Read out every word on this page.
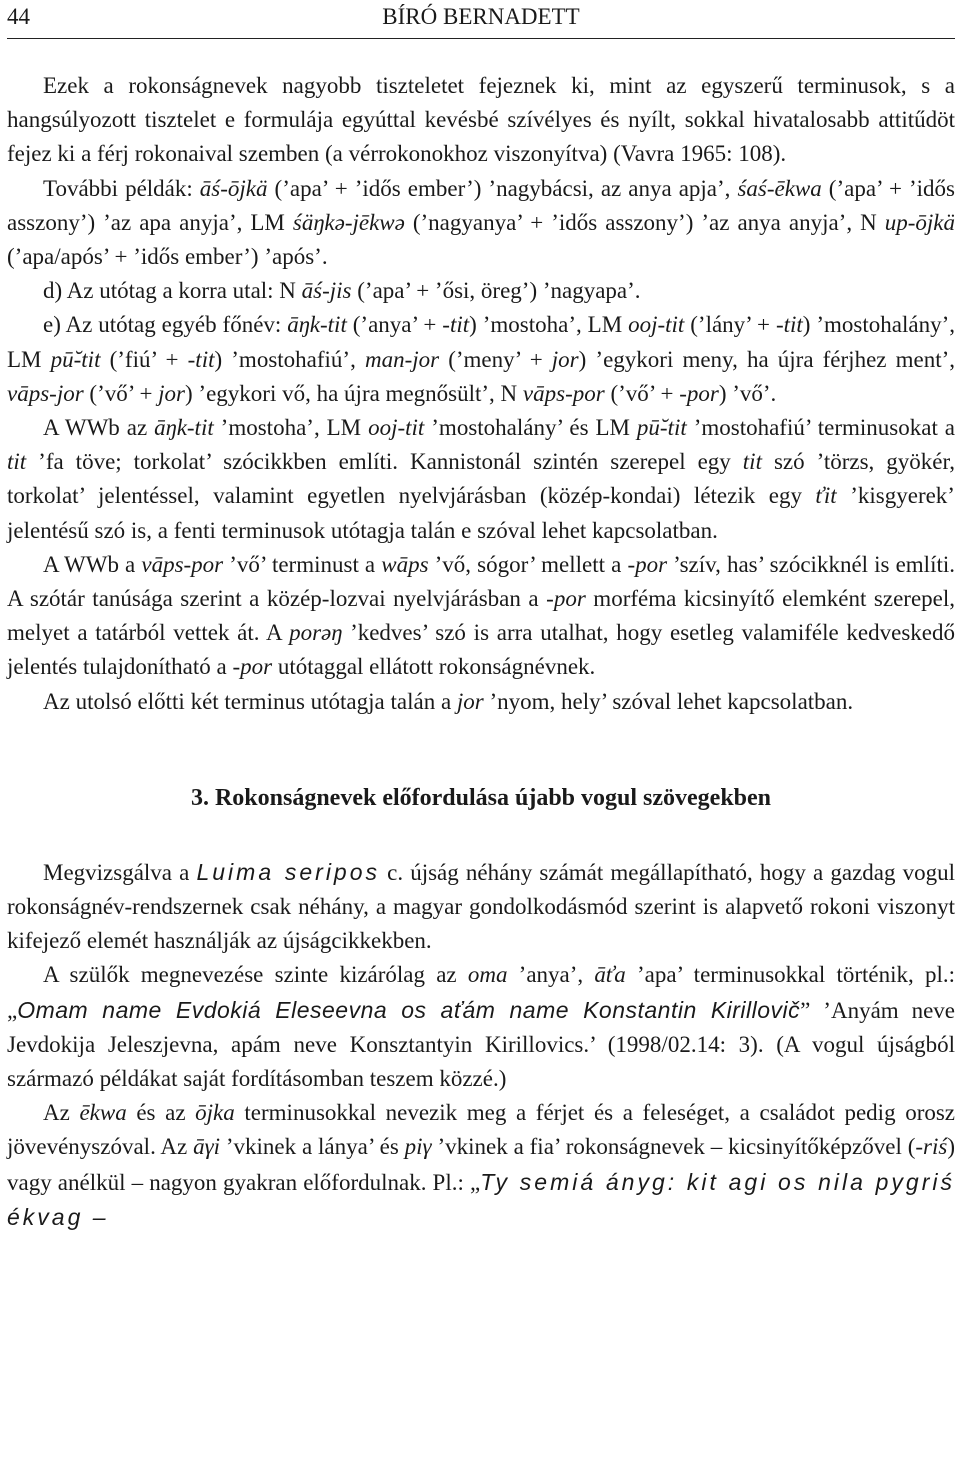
44	BÍRÓ BERNADETT

Ezek a rokonságnevek nagyobb tiszteletet fejeznek ki, mint az egyszerű terminusok, s a hangsúlyozott tisztelet e formulája egyúttal kevésbé szívélyes és nyílt, sokkal hivatalosabb attitűdöt fejez ki a férj rokonaival szemben (a vérrokonokhoz viszonyítva) (Vavra 1965: 108).

További példák: āś-ōjkä (’apa’ + ’idős ember’) ’nagybácsi, az anya apja’, śaś-ēkwa (’apa’ + ’idős asszony’) ’az apa anyja’, LM śäŋkə-jēkwə (’nagyanya’ + ’idős asszony’) ’az anya anyja’, N up-ōjkä (’apa/após’ + ’idős ember’) ’após’.

d) Az utótag a korra utal: N āś-jis (’apa’ + ’ősi, öreg’) ’nagyapa’.

e) Az utótag egyéb főnév: āŋk-tit (’anya’ + -tit) ’mostoha’, LM ooj-tit (’lány’ + -tit) ’mostohalány’, LM pū̆-tit (’fiú’ + -tit) ’mostohafiú’, man-jor (’meny’ + jor) ’egykori meny, ha újra férjhez ment’, vāps-jor (’vő’ + jor) ’egykori vő, ha újra megnősült’, N vāps-por (’vő’ + -por) ’vő’.

A WWb az āŋk-tit ’mostoha’, LM ooj-tit ’mostohalány’ és LM pū̆-tit ’mostohafiú’ terminusokat a tit ’fa töve; torkolat’ szócikkben említi. Kannistonál szintén szerepel egy tit szó ’törzs, gyökér, torkolat’ jelentéssel, valamint egyetlen nyelvjárásban (közép-kondai) létezik egy ťit ’kisgyerek’ jelentésű szó is, a fenti terminusok utótagja talán e szóval lehet kapcsolatban.

A WWb a vāps-por ’vő’ terminust a wāps ’vő, sógor’ mellett a -por ’szív, has’ szócikknél is említi. A szótár tanúsága szerint a közép-lozvai nyelvjárásban a -por morféma kicsinyítő elemként szerepel, melyet a tatárból vettek át. A porəŋ ’kedves’ szó is arra utalhat, hogy esetleg valamiféle kedveskedő jelentés tulajdonítható a -por utótaggal ellátott rokonságnévnek.

Az utolsó előtti két terminus utótagja talán a jor ’nyom, hely’ szóval lehet kapcsolatban.

3. Rokonságnevek előfordulása újabb vogul szövegekben

Megvizsgálva a Luima seripos c. újság néhány számát megállapítható, hogy a gazdag vogul rokonságnév-rendszernek csak néhány, a magyar gondolkodásmód szerint is alapvető rokoni viszonyt kifejező elemét használják az újságcikkekben.

A szülők megnevezése szinte kizárólag az oma ’anya’, āťa ’apa’ terminusokkal történik, pl.: „Omam name Evdokiá Eleseevna os aťám name Konstantin Kirillovič” ’Anyám neve Jevdokija Jeleszjevna, apám neve Konsztantyin Kirillovics.’ (1998/02.14: 3). (A vogul újságból származó példákat saját fordításomban teszem közzé.)

Az ēkwa és az ōjka terminusokkal nevezik meg a férjet és a feleséget, a családot pedig orosz jövevényszóval. Az āγi ’vkinek a lánya’ és piγ ’vkinek a fia’ rokonságnevek – kicsinyítőképzővel (-riś) vagy anélkül – nagyon gyakran előfordulnak. Pl.: „Ty semiá ányg: kit agi os nila pygriś ékvag –
